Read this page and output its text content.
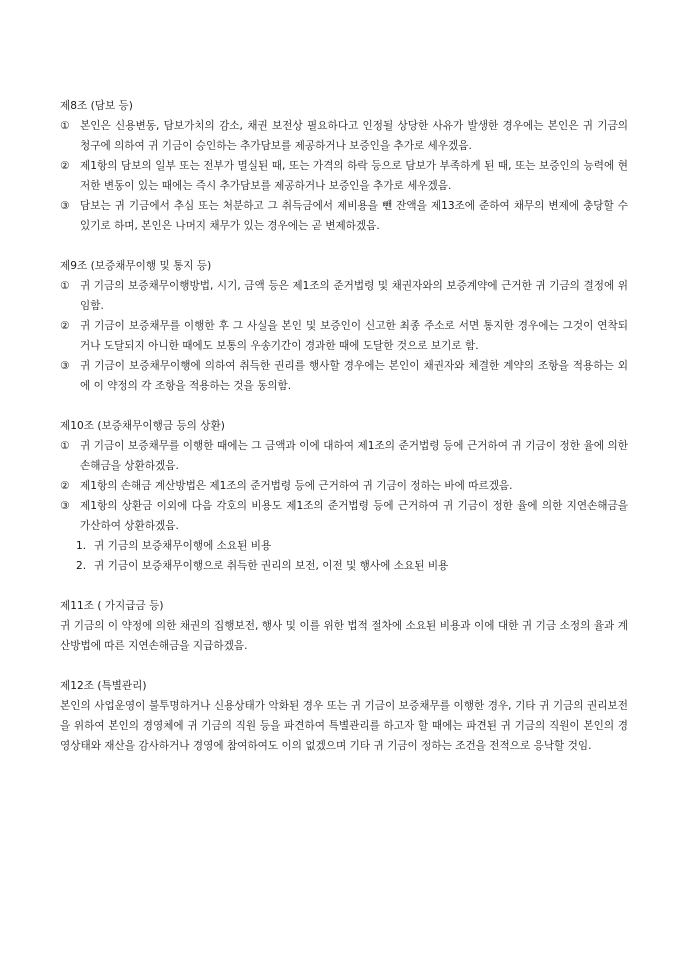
제8조 (담보 등)
① 본인은 신용변동, 담보가치의 감소, 채권 보전상 필요하다고 인정될 상당한 사유가 발생한 경우에는 본인은 귀 기금의 청구에 의하여 귀 기금이 승인하는 추가담보를 제공하거나 보증인을 추가로 세우겠음.
② 제1항의 담보의 일부 또는 전부가 멸실된 때, 또는 가격의 하락 등으로 담보가 부족하게 된 때, 또는 보증인의 능력에 현저한 변동이 있는 때에는 즉시 추가담보를 제공하거나 보증인을 추가로 세우겠음.
③ 담보는 귀 기금에서 추심 또는 처분하고 그 취득금에서 제비용을 뺀 잔액을 제13조에 준하여 채무의 변제에 충당할 수 있기로 하며, 본인은 나머지 채무가 있는 경우에는 곧 변제하겠음.
제9조 (보증채무이행 및 통지 등)
① 귀 기금의 보증채무이행방법, 시기, 금액 등은 제1조의 준거법령 및 채권자와의 보증계약에 근거한 귀 기금의 결정에 위임함.
② 귀 기금이 보증채무를 이행한 후 그 사실을 본인 및 보증인이 신고한 최종 주소로 서면 통지한 경우에는 그것이 연착되거나 도달되지 아니한 때에도 보통의 우송기간이 경과한 때에 도달한 것으로 보기로 함.
③ 귀 기금이 보증채무이행에 의하여 취득한 권리를 행사할 경우에는 본인이 채권자와 체결한 계약의 조항을 적용하는 외에 이 약정의 각 조항을 적용하는 것을 동의함.
제10조 (보증채무이행금 등의 상환)
① 귀 기금이 보증채무를 이행한 때에는 그 금액과 이에 대하여 제1조의 준거법령 등에 근거하여 귀 기금이 정한 율에 의한 손해금을 상환하겠음.
② 제1항의 손해금 계산방법은 제1조의 준거법령 등에 근거하여 귀 기금이 정하는 바에 따르겠음.
③ 제1항의 상환금 이외에 다음 각호의 비용도 제1조의 준거법령 등에 근거하여 귀 기금이 정한 율에 의한 지연손해금을 가산하여 상환하겠음.
1. 귀 기금의 보증채무이행에 소요된 비용
2. 귀 기금이 보증채무이행으로 취득한 권리의 보전, 이전 및 행사에 소요된 비용
제11조 ( 가지급금 등)
귀 기금의 이 약정에 의한 채권의 집행보전, 행사 및 이를 위한 법적 절차에 소요된 비용과 이에 대한 귀 기금 소정의 율과 계산방법에 따른 지연손해금을 지급하겠음.
제12조 (특별관리)
본인의 사업운영이 불투명하거나 신용상태가 악화된 경우 또는 귀 기금이 보증채무를 이행한 경우, 기타 귀 기금의 권리보전을 위하여 본인의 경영체에 귀 기금의 직원 등을 파견하여 특별관리를 하고자 할 때에는 파견된 귀 기금의 직원이 본인의 경영상태와 재산을 감사하거나 경영에 참여하여도 이의 없겠으며 기타 귀 기금이 정하는 조건을 전적으로 응낙할 것임.
